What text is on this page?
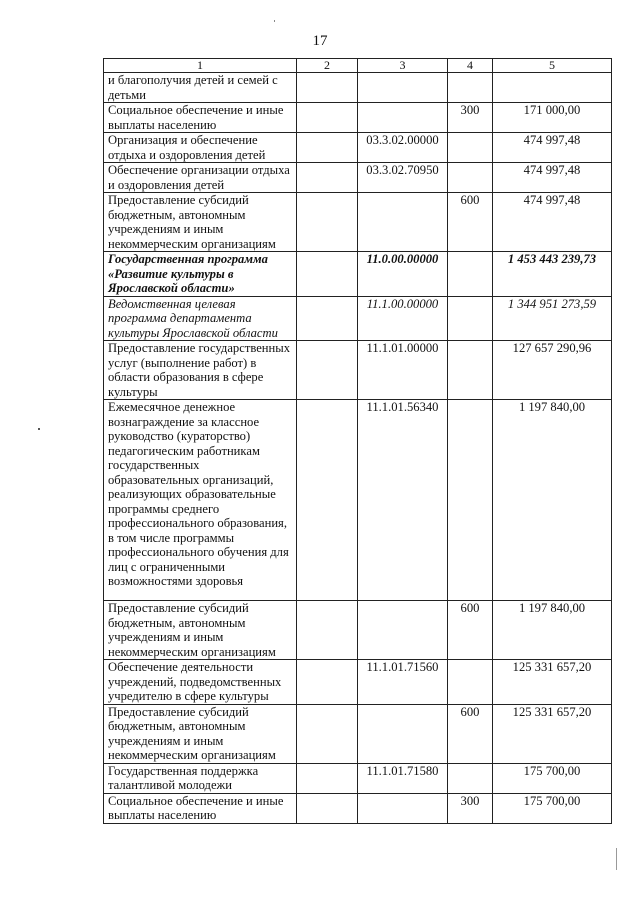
17
1	2	3	4	5
и благополучия детей и семей с детьми				
Социальное обеспечение и иные выплаты населению			300	171 000,00
Организация и обеспечение отдыха и оздоровления детей		03.3.02.00000		474 997,48
Обеспечение организации отдыха и оздоровления детей		03.3.02.70950		474 997,48
Предоставление субсидий бюджетным, автономным учреждениям и иным некоммерческим организациям			600	474 997,48
Государственная программа «Развитие культуры в Ярославской области»		11.0.00.00000		1 453 443 239,73
Ведомственная целевая программа департамента культуры Ярославской области		11.1.00.00000		1 344 951 273,59
Предоставление государственных услуг (выполнение работ) в области образования в сфере культуры		11.1.01.00000		127 657 290,96
Ежемесячное денежное вознаграждение за классное руководство (кураторство) педагогическим работникам государственных образовательных организаций, реализующих образовательные программы среднего профессионального образования, в том числе программы профессионального обучения для лиц с ограниченными возможностями здоровья		11.1.01.56340		1 197 840,00
Предоставление субсидий бюджетным, автономным учреждениям и иным некоммерческим организациям			600	1 197 840,00
Обеспечение деятельности учреждений, подведомственных учредителю в сфере культуры		11.1.01.71560		125 331 657,20
Предоставление субсидий бюджетным, автономным учреждениям и иным некоммерческим организациям			600	125 331 657,20
Государственная поддержка талантливой молодежи		11.1.01.71580		175 700,00
Социальное обеспечение и иные выплаты населению			300	175 700,00
